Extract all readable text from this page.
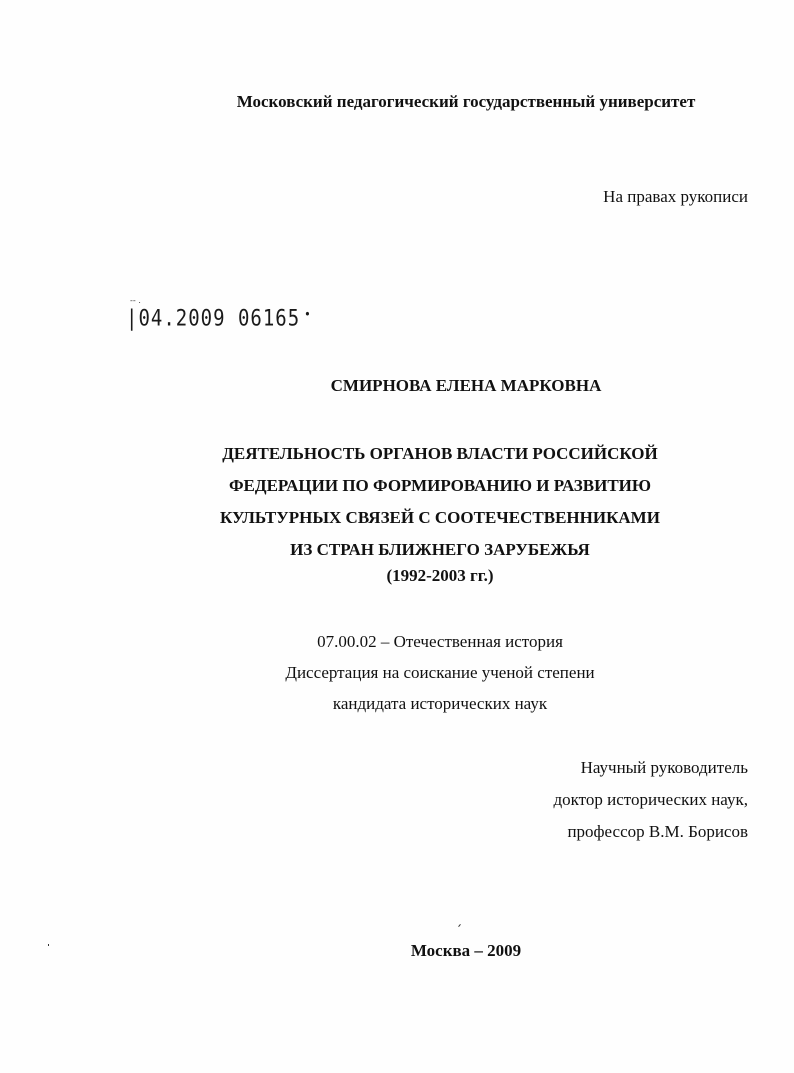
Московский педагогический государственный университет
На правах рукописи
-- .
|04.2009 06165 •
СМИРНОВА ЕЛЕНА МАРКОВНА
ДЕЯТЕЛЬНОСТЬ ОРГАНОВ ВЛАСТИ РОССИЙСКОЙ
ФЕДЕРАЦИИ ПО ФОРМИРОВАНИЮ И РАЗВИТИЮ
КУЛЬТУРНЫХ СВЯЗЕЙ С СООТЕЧЕСТВЕННИКАМИ
ИЗ СТРАН БЛИЖНЕГО ЗАРУБЕЖЬЯ
(1992-2003 гг.)
07.00.02 – Отечественная история
Диссертация на соискание ученой степени
кандидата исторических наук
Научный руководитель
доктор исторических наук,
профессор В.М. Борисов
Москва – 2009
